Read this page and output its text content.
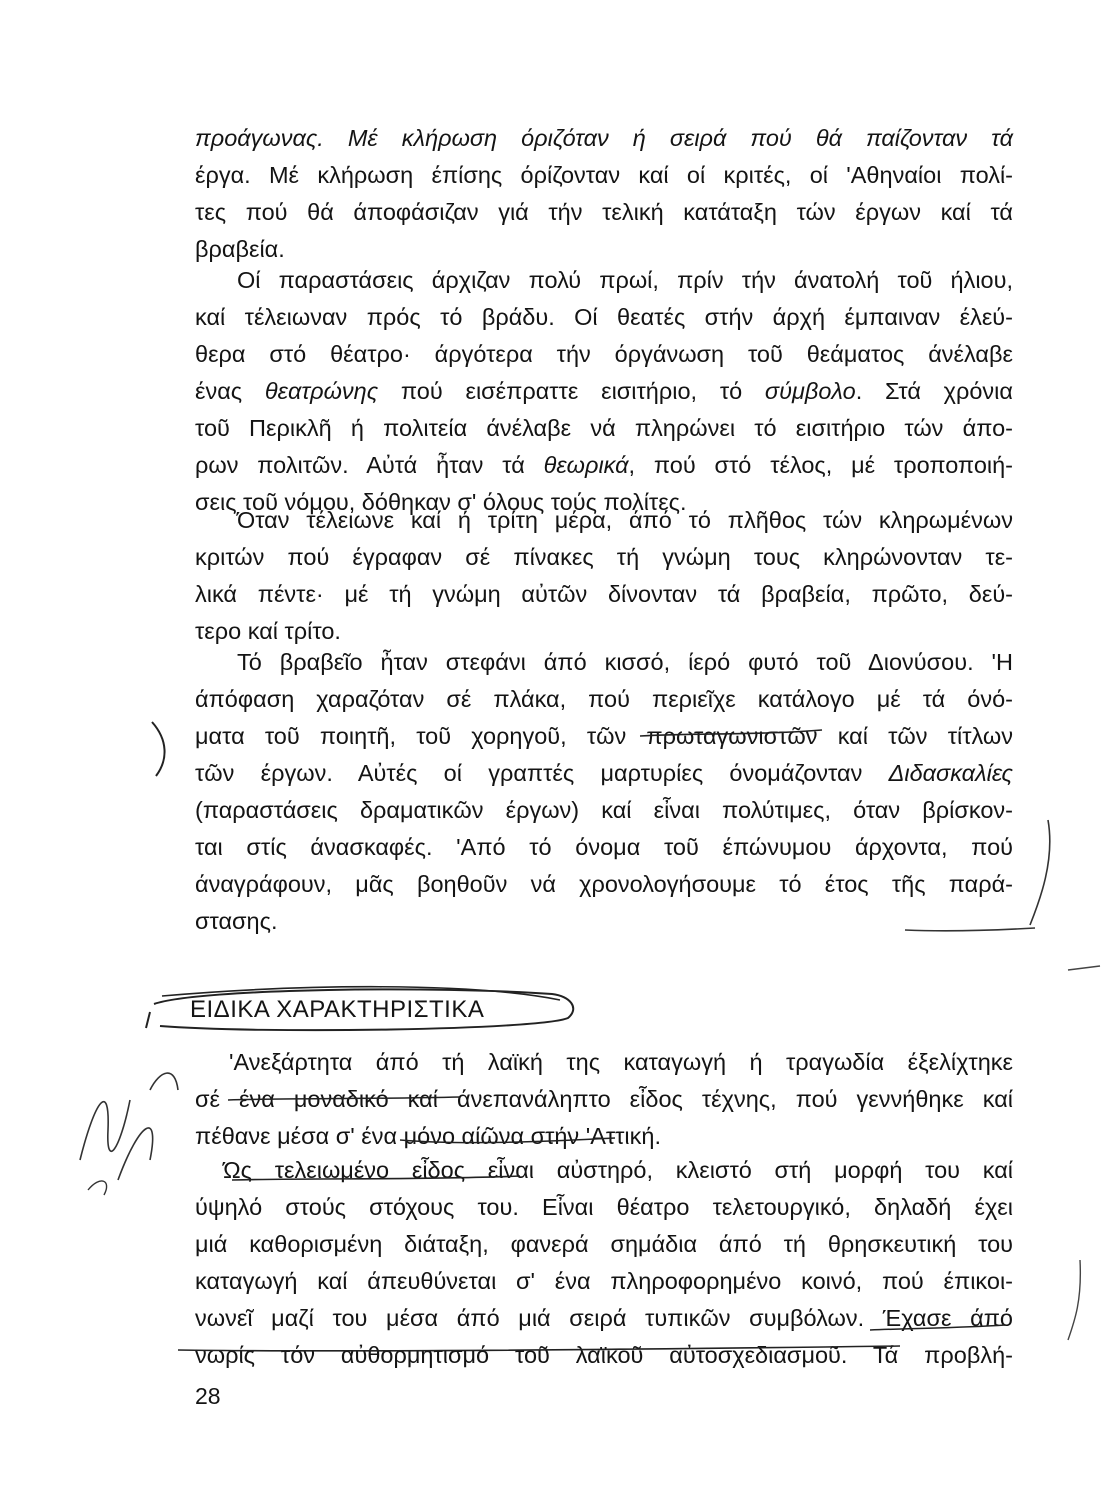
προάγωνας. Μέ κλήρωση όριζόταν ή σειρά πού θά παίζονταν τά
έργα. Μέ κλήρωση έπίσης όρίζονταν καί οί κριτές, οί 'Αθηναίοι πολί-
τες πού θά άποφάσιζαν γιά τήν τελική κατάταξη τών έργων καί τά
βραβεία.
Οί παραστάσεις άρχιζαν πολύ πρωί, πρίν τήν άνατολή τοῦ ήλιου,
καί τέλειωναν πρός τό βράδυ. Οί θεατές στήν άρχή έμπαιναν έλεύ-
θερα στό θέατρο· άργότερα τήν όργάνωση τοῦ θεάματος άνέλαβε
ένας θεατρώνης πού εισέπραττε εισιτήριο, τό σύμβολο. Στά χρόνια
τοῦ Περικλῆ ή πολιτεία άνέλαβε νά πληρώνει τό εισιτήριο τών άπο-
ρων πολιτῶν. Αὐτά ἦταν τά θεωρικά, πού στό τέλος, μέ τροποποιή-
σεις τοῦ νόμου, δόθηκαν σ' όλους τούς πολίτες.
Όταν τέλειωνε καί ή τρίτη μέρα, άπό τό πλῆθος τών κληρωμένων
κριτών πού έγραφαν σέ πίνακες τή γνώμη τους κληρώνονταν τε-
λικά πέντε· μέ τή γνώμη αὐτῶν δίνονταν τά βραβεία, πρῶτο, δεύ-
τερο καί τρίτο.
Τό βραβεῖο ἦταν στεφάνι άπό κισσό, ίερό φυτό τοῦ Διονύσου. 'Η
άπόφαση χαραζόταν σέ πλάκα, πού περιεῖχε κατάλογο μέ τά όνό-
ματα τοῦ ποιητῆ, τοῦ χορηγοῦ, τῶν πρωταγωνιστῶν καί τῶν τίτλων
τῶν έργων. Αὐτές οί γραπτές μαρτυρίες όνομάζονταν Διδασκαλίες
(παραστάσεις δραματικῶν έργων) καί εἶναι πολύτιμες, όταν βρίσκον-
ται στίς άνασκαφές. 'Από τό όνομα τοῦ έπώνυμου άρχοντα, πού
άναγράφουν, μᾶς βοηθοῦν νά χρονολογήσουμε τό έτος τῆς παρά-
στασης.
ΕΙΔΙΚΑ ΧΑΡΑΚΤΗΡΙΣΤΙΚΑ
'Ανεξάρτητα άπό τή λαϊκή της καταγωγή ή τραγωδία έξελίχτηκε
σέ ένα μοναδικό καί άνεπανάληπτο εἶδος τέχνης, πού γεννήθηκε καί
πέθανε μέσα σ' ένα μόνο αίῶνα στήν 'Αττική.
Ώς τελειωμένο εἶδος εἶναι αὐστηρό, κλειστό στή μορφή του καί
ύψηλό στούς στόχους του. Εἶναι θέατρο τελετουργικό, δηλαδή έχει
μιά καθορισμένη διάταξη, φανερά σημάδια άπό τή θρησκευτική του
καταγωγή καί άπευθύνεται σ' ένα πληροφορημένο κοινό, πού έπικοι-
νωνεῖ μαζί του μέσα άπό μιά σειρά τυπικῶν συμβόλων. Έχασε άπό
νωρίς τόν αὐθορμητισμό τοῦ λαϊκοῦ αὐτοσχεδιασμοῦ. Τά προβλή-
28
